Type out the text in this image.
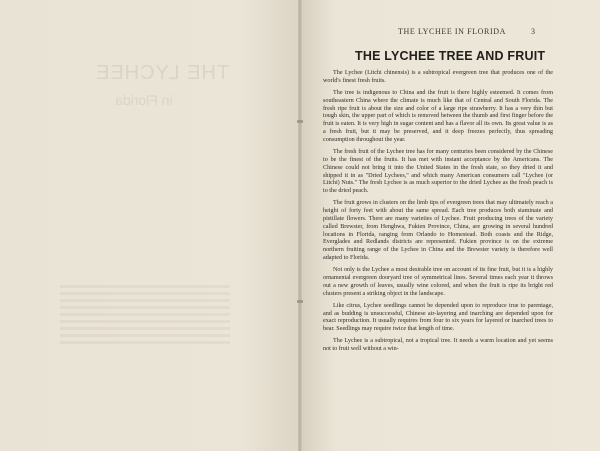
THE LYCHEE
in Florida
THE LYCHEE IN FLORIDA	3
THE LYCHEE TREE AND FRUIT

The Lychee (Litchi chinensis) is a subtropical evergreen tree that produces one of the world's finest fresh fruits.

The tree is indigenous to China and the fruit is there highly esteemed. It comes from southeastern China where the climate is much like that of Central and South Florida. The fresh ripe fruit is about the size and color of a large ripe strawberry. It has a very thin but tough skin, the upper part of which is removed between the thumb and first finger before the fruit is eaten. It is very high in sugar content and has a flavor all its own. Its great value is as a fresh fruit, but it may be preserved, and it deep freezes perfectly, thus spreading consumption throughout the year.

The fresh fruit of the Lychee tree has for many centuries been considered by the Chinese to be the finest of the fruits. It has met with instant acceptance by the Americans. The Chinese could not bring it into the United States in the fresh state, so they dried it and shipped it in as "Dried Lychees," and which many American consumers call "Lychee (or Litchi) Nuts." The fresh Lychee is as much superior to the dried Lychee as the fresh peach is to the dried peach.

The fruit grows in clusters on the limb tips of evergreen trees that may ultimately reach a height of forty feet with about the same spread. Each tree produces both staminate and pistillate flowers. There are many varieties of Lychee. Fruit producing trees of the variety called Brewster, from Henghwa, Fukien Province, China, are growing in several hundred locations in Florida, ranging from Orlando to Homestead. Both coasts and the Ridge, Everglades and Redlands districts are represented. Fukien province is on the extreme northern fruiting range of the Lychee in China and the Brewster variety is therefore well adapted to Florida.

Not only is the Lychee a most desirable tree on account of its fine fruit, but it is a highly ornamental evergreen dooryard tree of symmetrical lines. Several times each year it throws out a new growth of leaves, usually wine colored, and when the fruit is ripe its bright red clusters present a striking object in the landscape.

Like citrus, Lychee seedlings cannot be depended upon to reproduce true to parentage, and as budding is unsuccessful, Chinese air-layering and inarching are depended upon for exact reproduction. It usually requires from four to six years for layered or inarched trees to bear. Seedlings may require twice that length of time.

The Lychee is a subtropical, not a tropical tree. It needs a warm location and yet seems not to fruit well without a win-
